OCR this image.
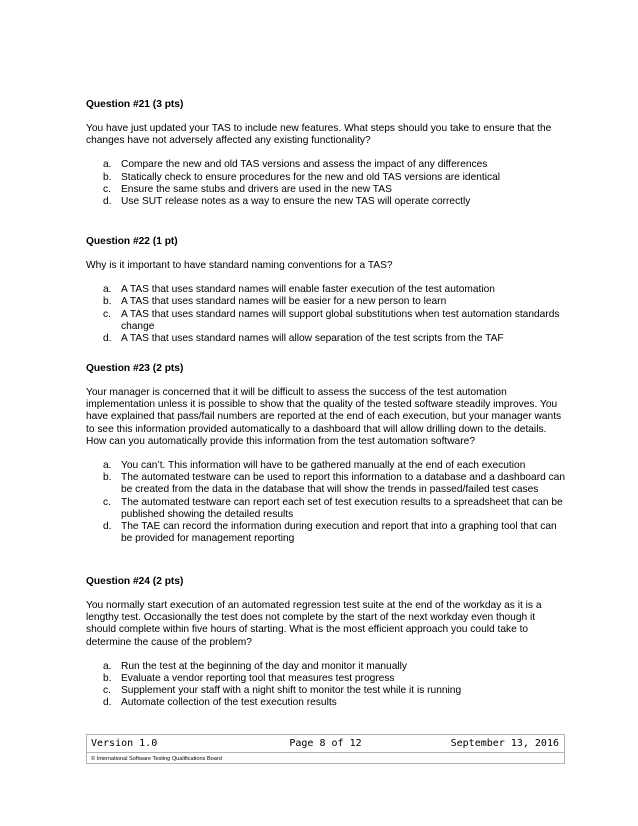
Question #21 (3 pts)

You have just updated your TAS to include new features. What steps should you take to ensure that the changes have not adversely affected any existing functionality?

a. Compare the new and old TAS versions and assess the impact of any differences
b. Statically check to ensure procedures for the new and old TAS versions are identical
c. Ensure the same stubs and drivers are used in the new TAS
d. Use SUT release notes as a way to ensure the new TAS will operate correctly

Question #22 (1 pt)

Why is it important to have standard naming conventions for a TAS?

a. A TAS that uses standard names will enable faster execution of the test automation
b. A TAS that uses standard names will be easier for a new person to learn
c. A TAS that uses standard names will support global substitutions when test automation standards change
d. A TAS that uses standard names will allow separation of the test scripts from the TAF

Question #23 (2 pts)

Your manager is concerned that it will be difficult to assess the success of the test automation implementation unless it is possible to show that the quality of the tested software steadily improves. You have explained that pass/fail numbers are reported at the end of each execution, but your manager wants to see this information provided automatically to a dashboard that will allow drilling down to the details. How can you automatically provide this information from the test automation software?

a. You can’t. This information will have to be gathered manually at the end of each execution
b. The automated testware can be used to report this information to a database and a dashboard can be created from the data in the database that will show the trends in passed/failed test cases
c. The automated testware can report each set of test execution results to a spreadsheet that can be published showing the detailed results
d. The TAE can record the information during execution and report that into a graphing tool that can be provided for management reporting

Question #24 (2 pts)

You normally start execution of an automated regression test suite at the end of the workday as it is a lengthy test. Occasionally the test does not complete by the start of the next workday even though it should complete within five hours of starting. What is the most efficient approach you could take to determine the cause of the problem?

a. Run the test at the beginning of the day and monitor it manually
b. Evaluate a vendor reporting tool that measures test progress
c. Supplement your staff with a night shift to monitor the test while it is running
d. Automate collection of the test execution results
Version 1.0	Page 8 of 12	September 13, 2016
© International Software Testing Qualifications Board
